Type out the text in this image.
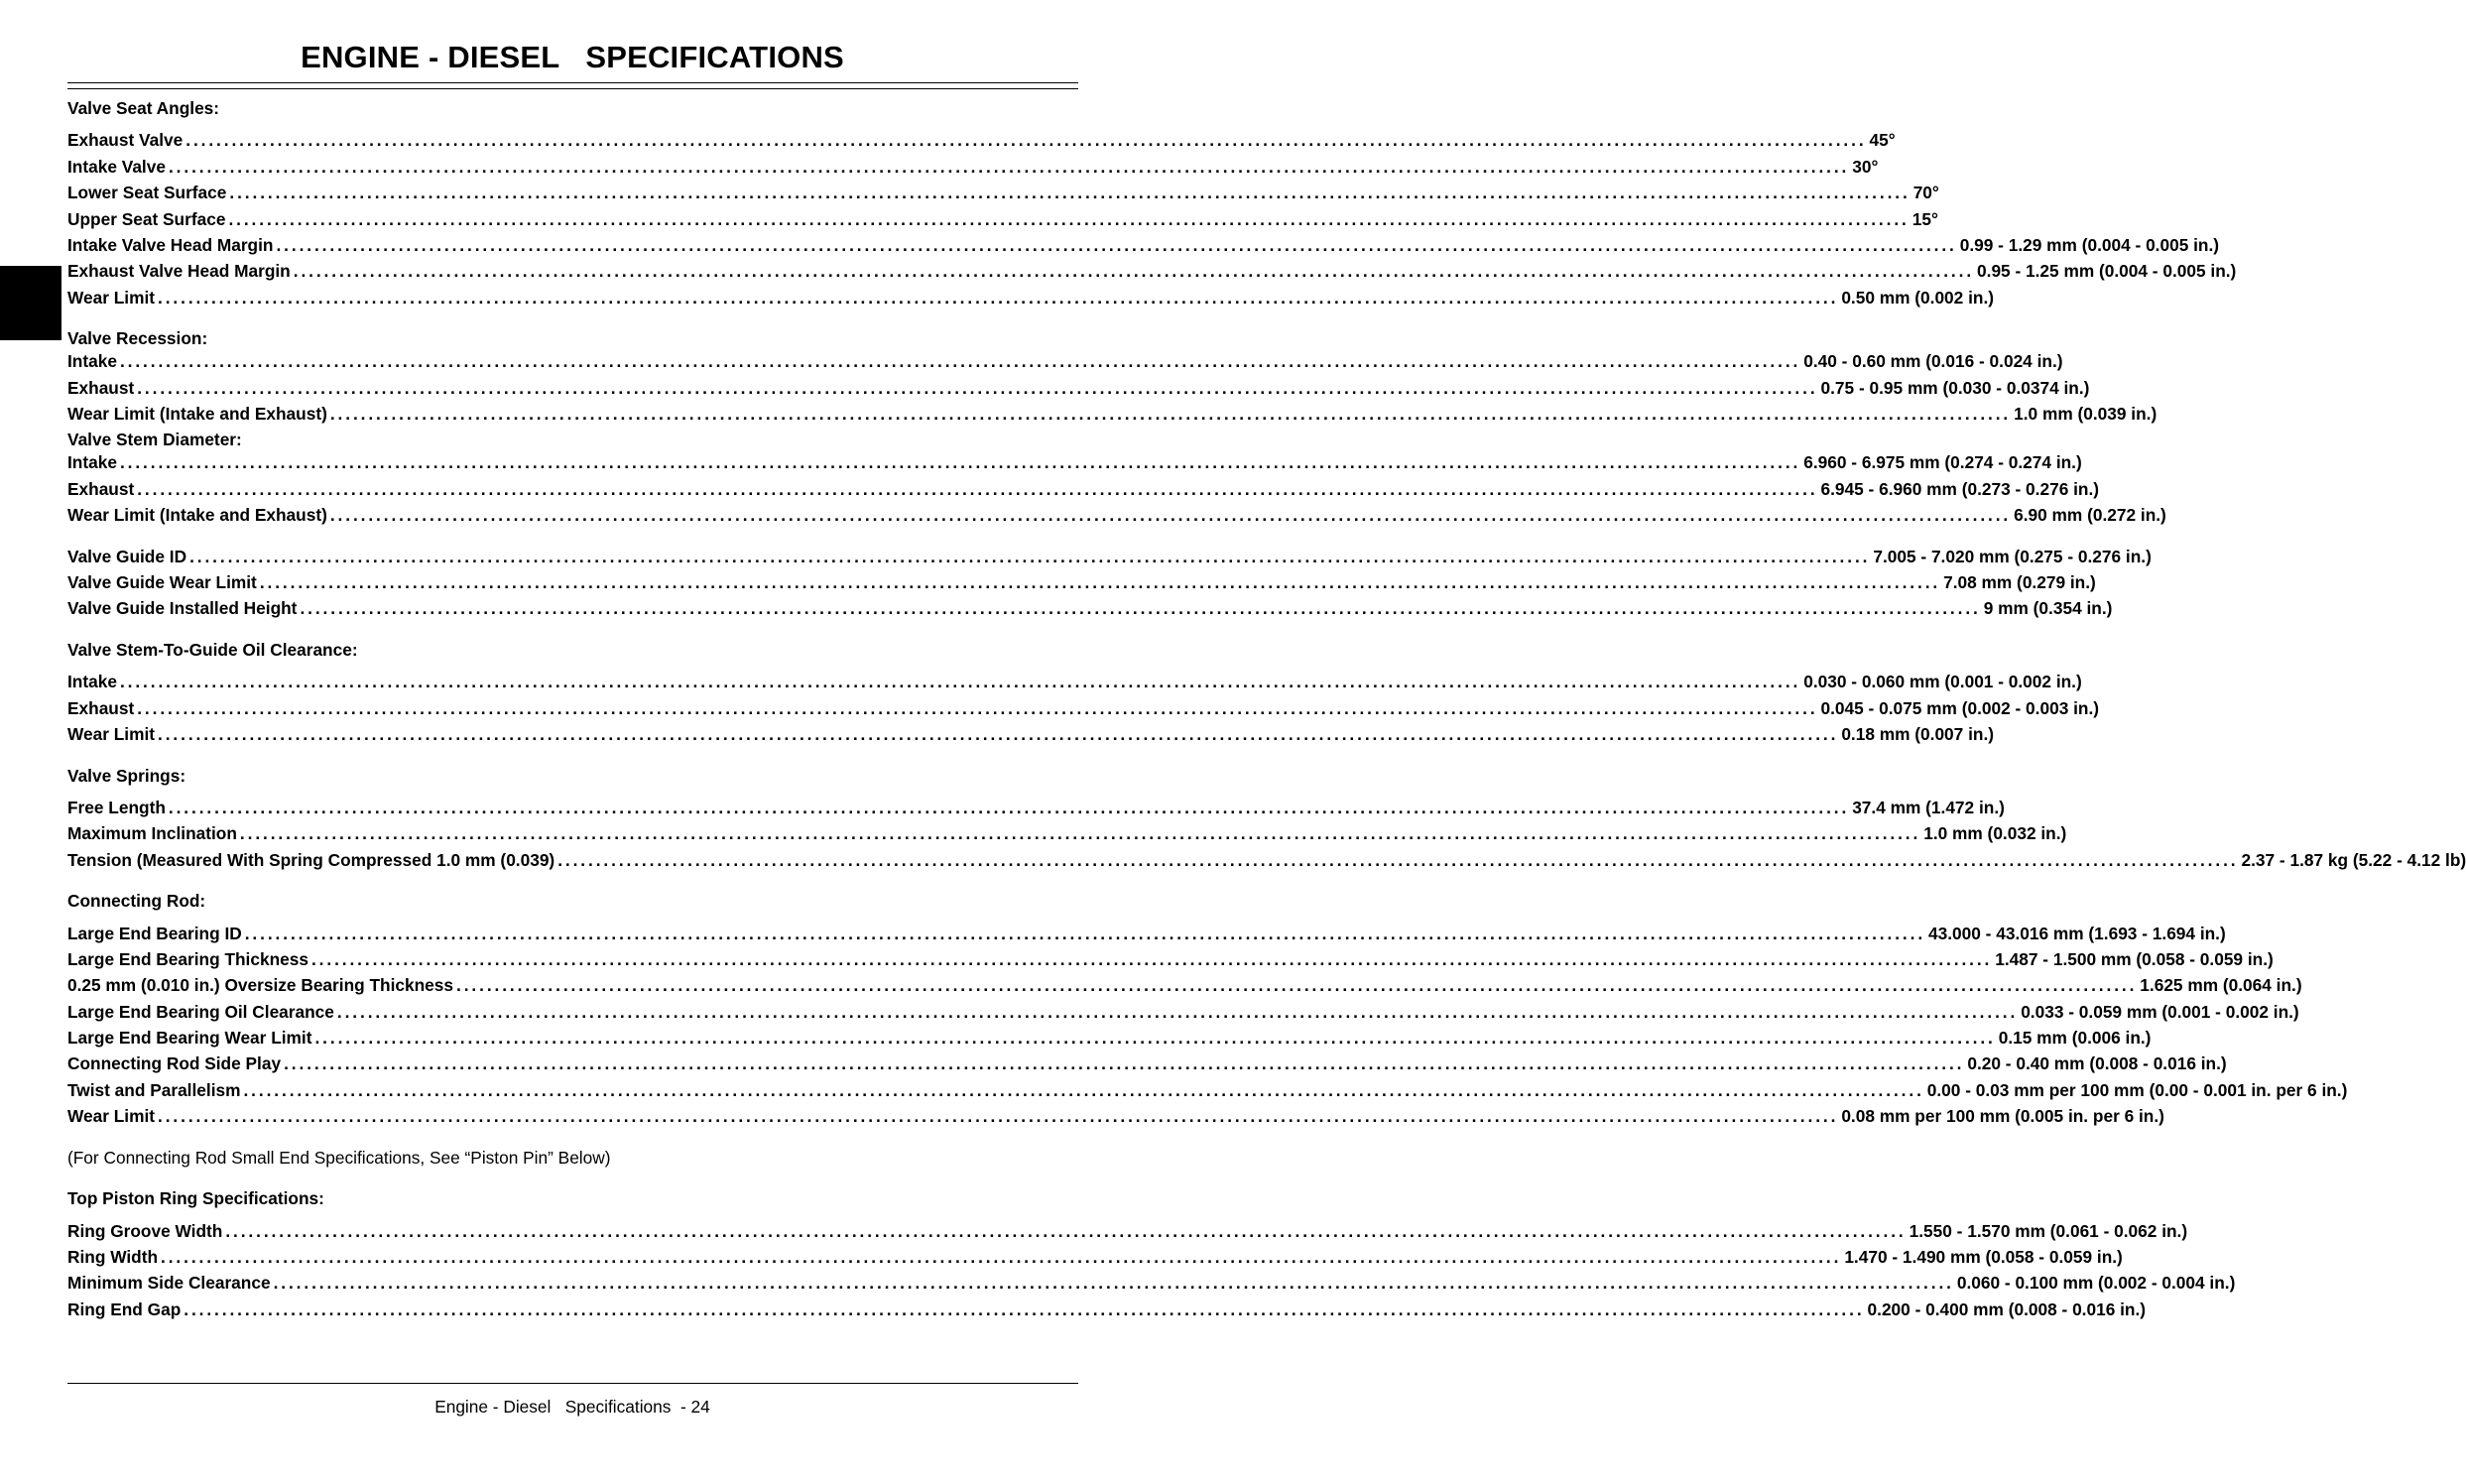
ENGINE - DIESEL   SPECIFICATIONS
Valve Seat Angles:
Exhaust Valve ............................................................................................................................................................................................................................ 45°
Intake Valve ............................................................................................................................................................................................................................ 30°
Lower Seat Surface ............................................................................................................................................................................................................................ 70°
Upper Seat Surface ............................................................................................................................................................................................................................ 15°
Intake Valve Head Margin ............................................................................................................................................................................................................................ 0.99 - 1.29 mm (0.004 - 0.005 in.)
Exhaust Valve Head Margin ............................................................................................................................................................................................................................ 0.95 - 1.25 mm (0.004 - 0.005 in.)
Wear Limit ............................................................................................................................................................................................................................ 0.50 mm (0.002 in.)
Valve Recession:
Intake ............................................................................................................................................................................................................................ 0.40 - 0.60 mm (0.016 - 0.024 in.)
Exhaust ............................................................................................................................................................................................................................ 0.75 - 0.95 mm (0.030 - 0.0374 in.)
Wear Limit (Intake and Exhaust) ............................................................................................................................................................................................................................ 1.0 mm (0.039 in.)
Valve Stem Diameter:
Intake ............................................................................................................................................................................................................................ 6.960 - 6.975 mm (0.274 - 0.274 in.)
Exhaust ............................................................................................................................................................................................................................ 6.945 - 6.960 mm (0.273 - 0.276 in.)
Wear Limit (Intake and Exhaust) ............................................................................................................................................................................................................................ 6.90 mm (0.272 in.)
Valve Guide ID ............................................................................................................................................................................................................................ 7.005 - 7.020 mm (0.275 - 0.276 in.)
Valve Guide Wear Limit ............................................................................................................................................................................................................................ 7.08 mm (0.279 in.)
Valve Guide Installed Height ............................................................................................................................................................................................................................ 9 mm (0.354 in.)
Valve Stem-To-Guide Oil Clearance:
Intake ............................................................................................................................................................................................................................ 0.030 - 0.060 mm (0.001 - 0.002 in.)
Exhaust ............................................................................................................................................................................................................................ 0.045 - 0.075 mm (0.002 - 0.003 in.)
Wear Limit ............................................................................................................................................................................................................................ 0.18 mm (0.007 in.)
Valve Springs:
Free Length ............................................................................................................................................................................................................................ 37.4 mm (1.472 in.)
Maximum Inclination ............................................................................................................................................................................................................................ 1.0 mm (0.032 in.)
Tension (Measured With Spring Compressed 1.0 mm (0.039) ............................................................................................................................................................................................................................ 2.37 - 1.87 kg (5.22 - 4.12 lb)
Connecting Rod:
Large End Bearing ID ............................................................................................................................................................................................................................ 43.000 - 43.016 mm (1.693 - 1.694 in.)
Large End Bearing Thickness ............................................................................................................................................................................................................................ 1.487 - 1.500 mm (0.058 - 0.059 in.)
0.25 mm (0.010 in.) Oversize Bearing Thickness ............................................................................................................................................................................................................................ 1.625 mm (0.064 in.)
Large End Bearing Oil Clearance ............................................................................................................................................................................................................................ 0.033 - 0.059 mm (0.001 - 0.002 in.)
Large End Bearing Wear Limit ............................................................................................................................................................................................................................ 0.15 mm (0.006 in.)
Connecting Rod Side Play ............................................................................................................................................................................................................................ 0.20 - 0.40 mm (0.008 - 0.016 in.)
Twist and Parallelism ............................................................................................................................................................................................................................ 0.00 - 0.03 mm per 100 mm (0.00 - 0.001 in. per 6 in.)
Wear Limit ............................................................................................................................................................................................................................ 0.08 mm per 100 mm (0.005 in. per 6 in.)
(For Connecting Rod Small End Specifications, See “Piston Pin” Below)
Top Piston Ring Specifications:
Ring Groove Width ............................................................................................................................................................................................................................ 1.550 - 1.570 mm (0.061 - 0.062 in.)
Ring Width ............................................................................................................................................................................................................................ 1.470 - 1.490 mm (0.058 - 0.059 in.)
Minimum Side Clearance ............................................................................................................................................................................................................................ 0.060 - 0.100 mm (0.002 - 0.004 in.)
Ring End Gap ............................................................................................................................................................................................................................ 0.200 - 0.400 mm (0.008 - 0.016 in.)
Engine - Diesel   Specifications  - 24
